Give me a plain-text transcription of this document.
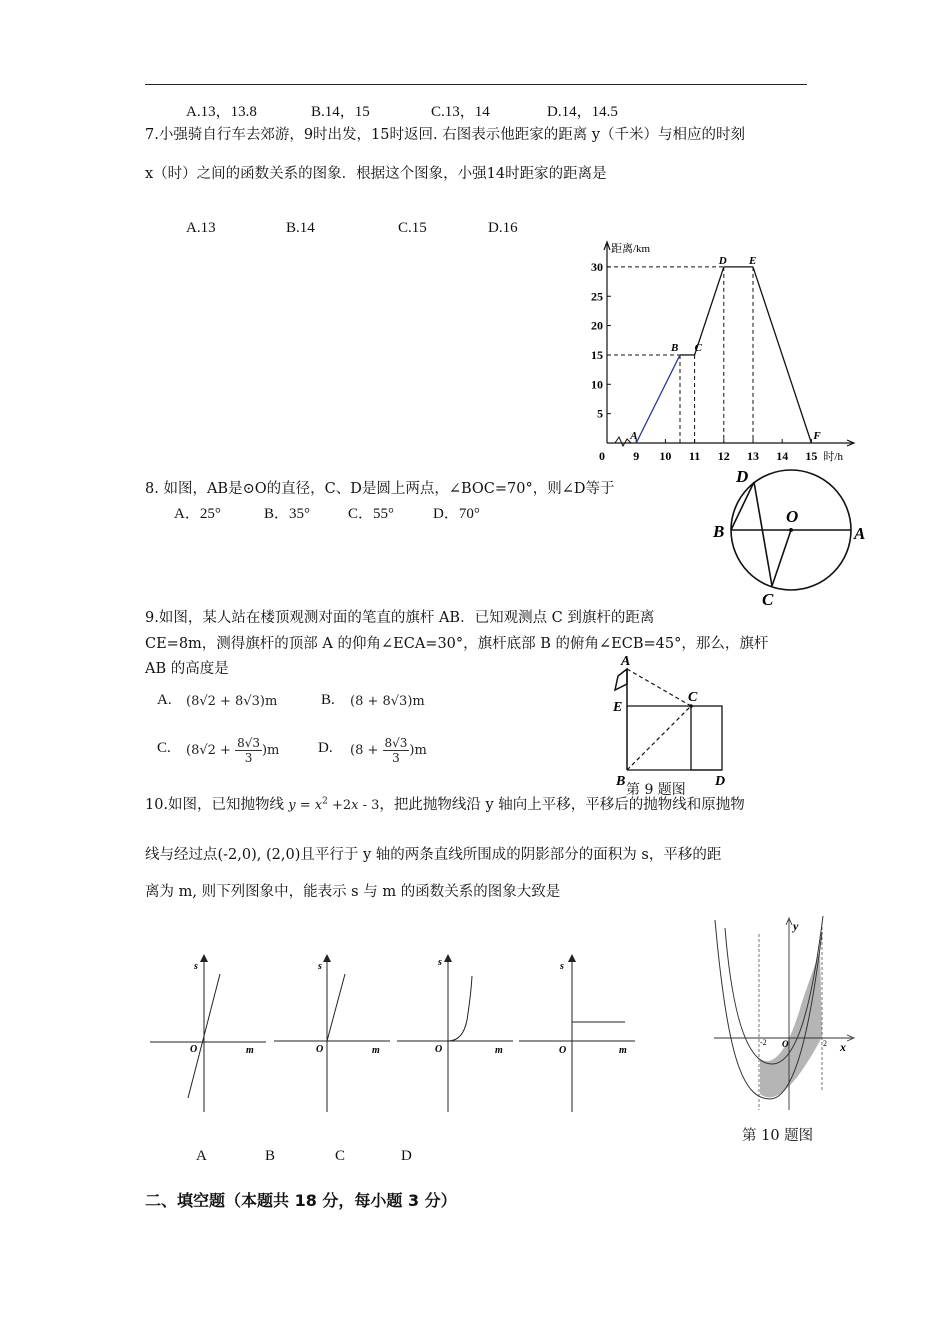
A.13，13.8	B.14，15	C.13，14	D.14，14.5
7.小强骑自行车去郊游，9时出发，15时返回. 右图表示他距家的距离 y（千米）与相应的时刻
x（时）之间的函数关系的图象．根据这个图象，小强14时距家的距离是
A.13	B.14	C.15	D.16
9 10 11 12 13 14 15
5
10
15
20
25
30
0
距离/km
时/h
A
B C
D E
F
8. 如图，AB是⊙O的直径，C、D是圆上两点，∠BOC=70°，则∠D等于
A．25°	B．35°	C．55°	D．70°
D
O
B	A
C
9.如图，某人站在楼顶观测对面的笔直的旗杆 AB．已知观测点 C 到旗杆的距离
CE=8m，测得旗杆的顶部 A 的仰角∠ECA=30°，旗杆底部 B 的俯角∠ECB=45°，那么，旗杆
AB 的高度是
A. (8√2 + 8√3)m	B. (8 + 8√3)m
C. $(8√2 + \frac{8√3}{3} )m$	D. $(8 + \frac{8√3}{3} )m$
A
E
C
B	D
第 9 题图
10.如图，已知抛物线 $y = x^2 +2x - 3$，把此抛物线沿 y 轴向上平移，平移后的抛物线和原抛物
线与经过点(-2,0), (2,0)且平行于 y 轴的两条直线所围成的阴影部分的面积为 s，平移的距
离为 m, 则下列图象中，能表示 s 与 m 的函数关系的图象大致是
s
O	m
s
O	m
s
O	m
s
O	m
A	B	C	D
-2 O	2 x
y
第 10 题图
二、填空题（本题共 18 分，每小题 3 分）
